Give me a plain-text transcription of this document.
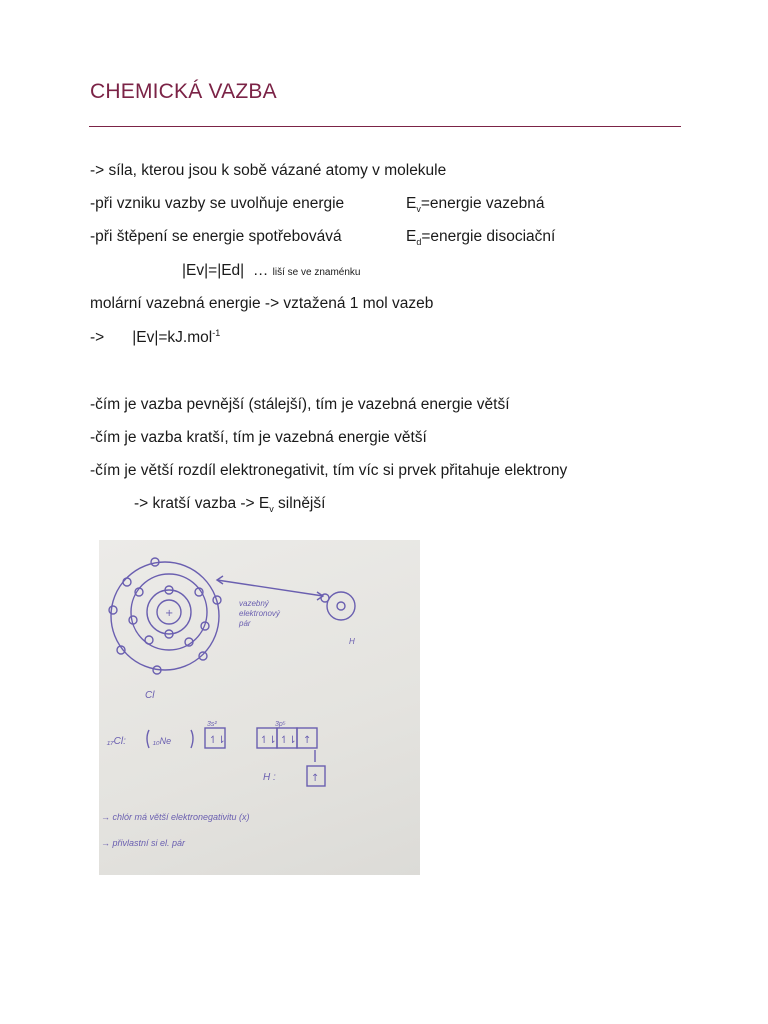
CHEMICKÁ VAZBA
-> síla, kterou jsou k sobě vázané atomy v molekule
-při vzniku vazby se uvolňuje energie	$E_v=energie$ vazebná
-při štěpení se energie spotřebovává	$E_d=energie$ disociační
|Ev|=|Ed| … liší se ve znaménku
molární vazebná energie -> vztažená 1 mol vazeb
-> |Ev|=kJ.mol$^{-1}$
-čím je vazba pevnější (stálejší), tím je vazebná energie větší
-čím je vazba kratší, tím je vazebná energie větší
-čím je větší rozdíl elektronegativit, tím víc si prvek přitahuje elektrony
-> kratší vazba -> $E_v$ silnější
vazebný
elektronový
pár
H
Cl
₁₇Cl:	₁₀Ne
3s²	3p⁵
H :
→ chlór má větší elektronegativitu (x)
→ přivlastní si el. pár
+
↿⇂	↿⇂ ↿⇂ ↑
↑
